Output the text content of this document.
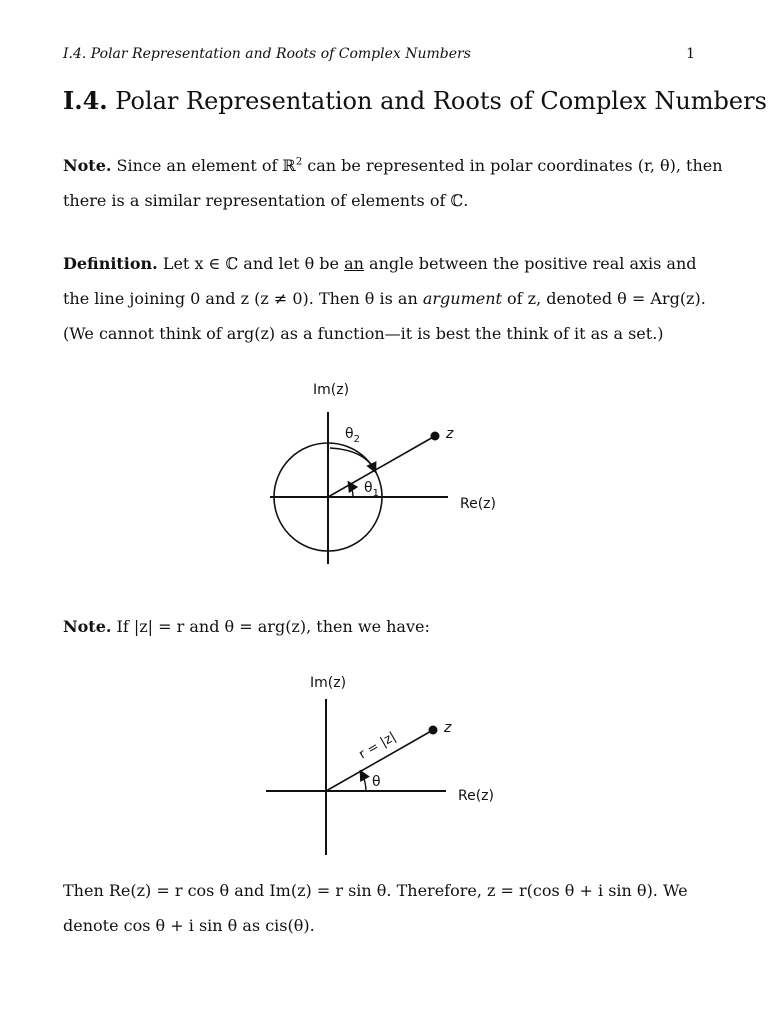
I.4. Polar Representation and Roots of Complex Numbers	1
I.4. Polar Representation and Roots of Complex Numbers
Note. Since an element of ℝ$^2$ can be represented in polar coordinates (r, θ), then
there is a similar representation of elements of ℂ.
Definition. Let x ∈ ℂ and let θ be an angle between the positive real axis and
the line joining 0 and z (z ≠ 0). Then θ is an argument of z, denoted θ = Arg(z).
(We cannot think of arg(z) as a function—it is best the think of it as a set.)
Im(z)
Re(z)
z
$\theta_2$
$\theta_1$
Note. If |z| = r and θ = arg(z), then we have:
Im(z)
Re(z)
z
θ
r = |z|
Then Re(z) = r cos θ and Im(z) = r sin θ. Therefore, z = r(cos θ + i sin θ). We
denote cos θ + i sin θ as cis(θ).
